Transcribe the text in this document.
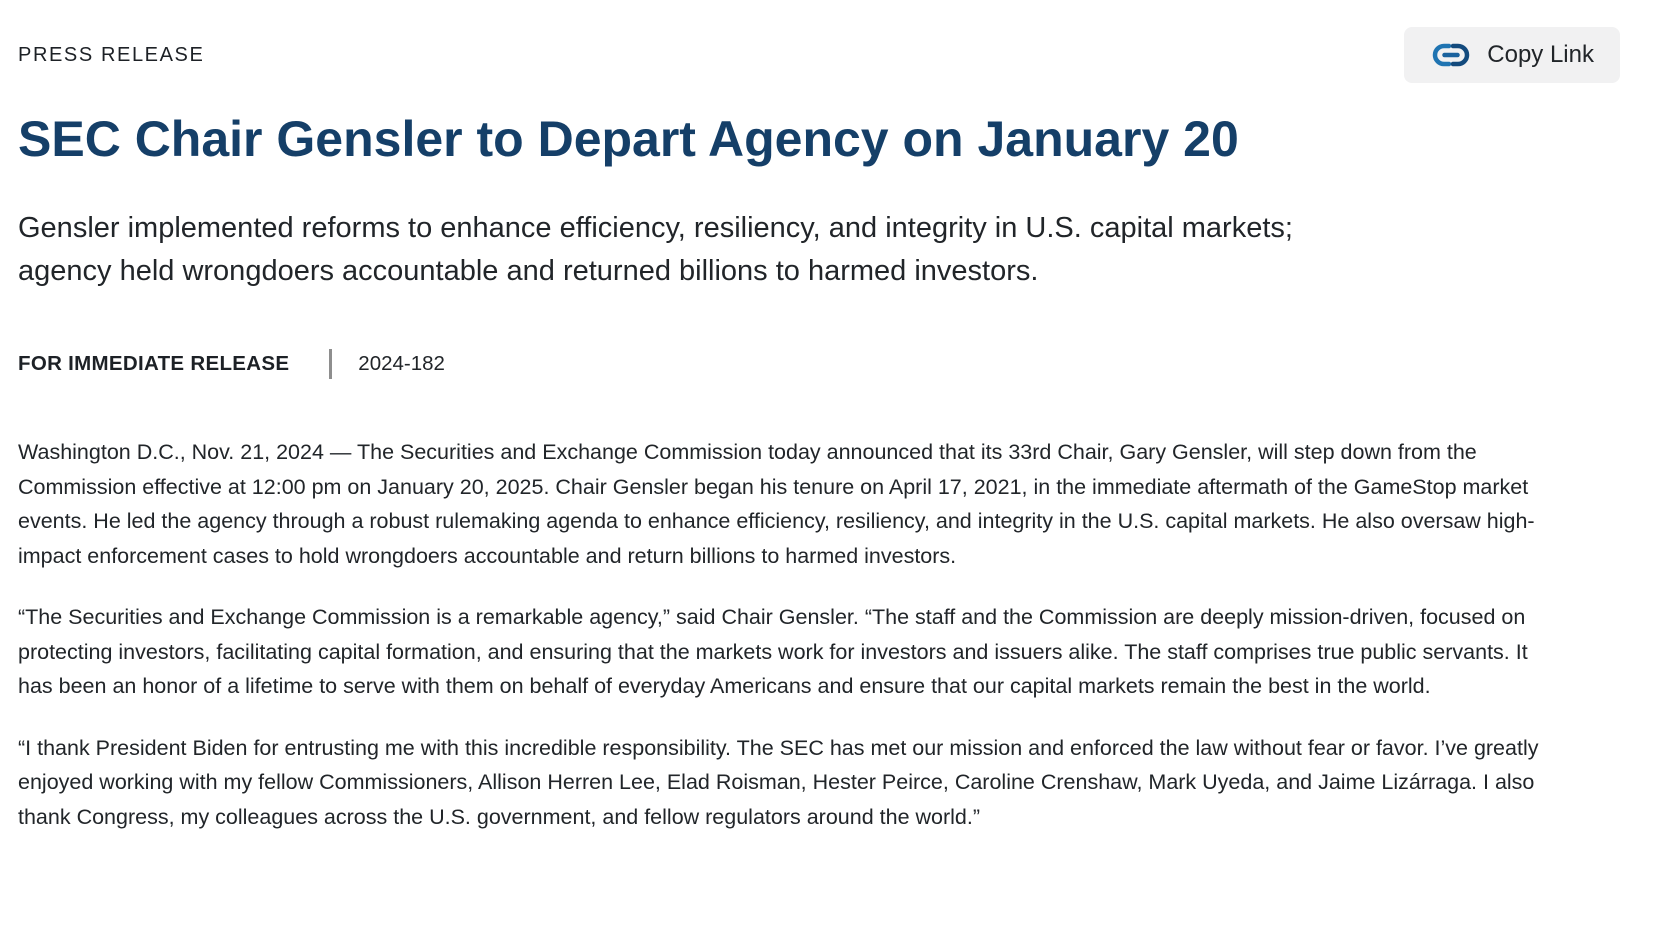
PRESS RELEASE	Copy Link
SEC Chair Gensler to Depart Agency on January 20

Gensler implemented reforms to enhance efficiency, resiliency, and integrity in U.S. capital markets; agency held wrongdoers accountable and returned billions to harmed investors.

FOR IMMEDIATE RELEASE	2024-182

Washington D.C., Nov. 21, 2024 — The Securities and Exchange Commission today announced that its 33rd Chair, Gary Gensler, will step down from the Commission effective at 12:00 pm on January 20, 2025. Chair Gensler began his tenure on April 17, 2021, in the immediate aftermath of the GameStop market events. He led the agency through a robust rulemaking agenda to enhance efficiency, resiliency, and integrity in the U.S. capital markets. He also oversaw high-impact enforcement cases to hold wrongdoers accountable and return billions to harmed investors.

“The Securities and Exchange Commission is a remarkable agency,” said Chair Gensler. “The staff and the Commission are deeply mission-driven, focused on protecting investors, facilitating capital formation, and ensuring that the markets work for investors and issuers alike. The staff comprises true public servants. It has been an honor of a lifetime to serve with them on behalf of everyday Americans and ensure that our capital markets remain the best in the world.

“I thank President Biden for entrusting me with this incredible responsibility. The SEC has met our mission and enforced the law without fear or favor. I’ve greatly enjoyed working with my fellow Commissioners, Allison Herren Lee, Elad Roisman, Hester Peirce, Caroline Crenshaw, Mark Uyeda, and Jaime Lizárraga. I also thank Congress, my colleagues across the U.S. government, and fellow regulators around the world.”
